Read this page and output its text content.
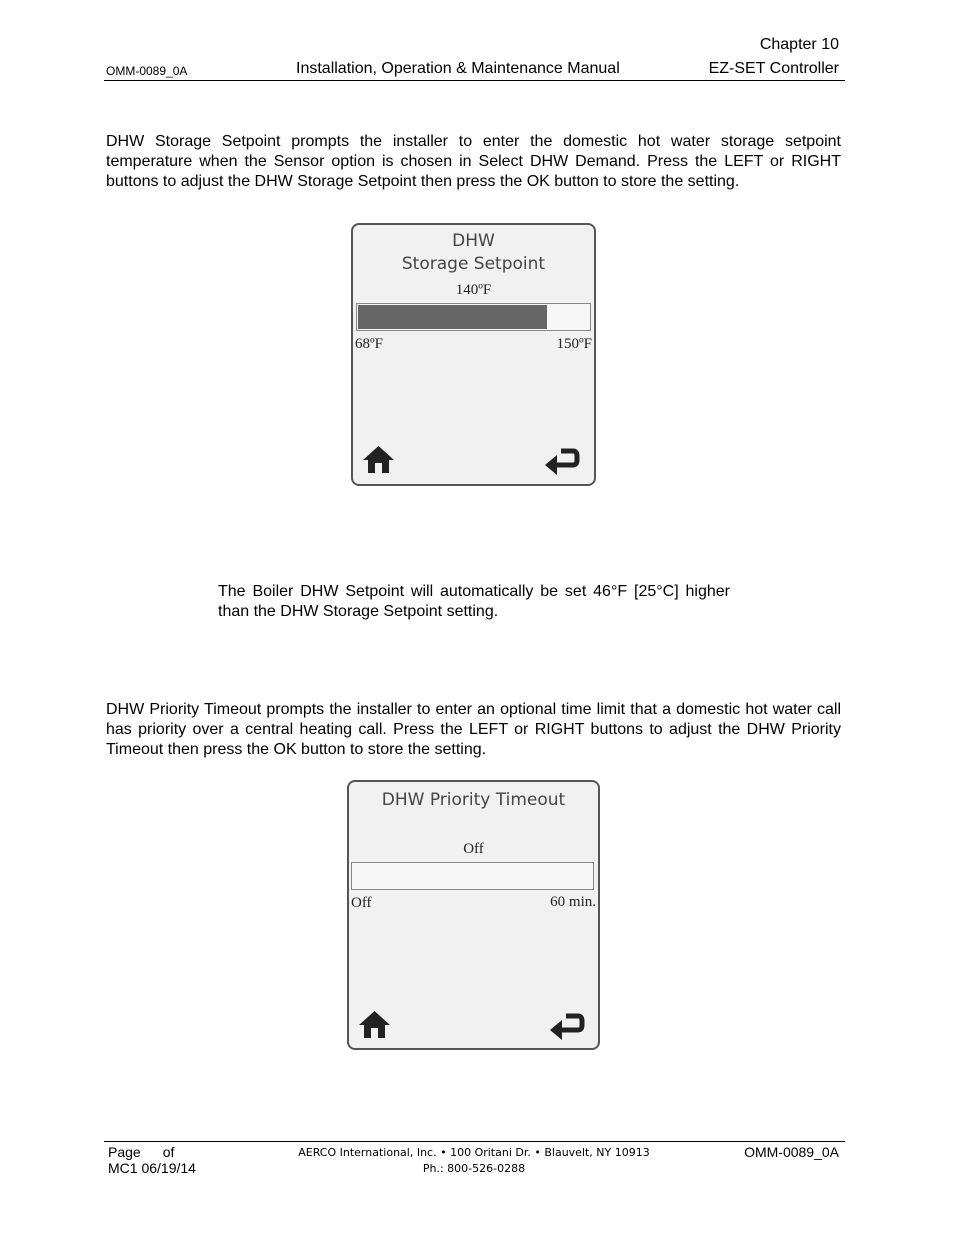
Chapter 10
OMM-0089_0A	Installation, Operation & Maintenance Manual	EZ-SET Controller
DHW Storage Setpoint prompts the installer to enter the domestic hot water storage setpoint temperature when the Sensor option is chosen in Select DHW Demand. Press the LEFT or RIGHT buttons to adjust the DHW Storage Setpoint then press the OK button to store the setting.
DHW
Storage Setpoint
140ºF
68ºF	150ºF
The Boiler DHW Setpoint will automatically be set 46°F [25°C] higher than the DHW Storage Setpoint setting.
DHW Priority Timeout prompts the installer to enter an optional time limit that a domestic hot water call has priority over a central heating call. Press the LEFT or RIGHT buttons to adjust the DHW Priority Timeout then press the OK button to store the setting.
DHW Priority Timeout
Off
Off	60 min.
Page of
MC1 06/19/14
AERCO International, Inc. • 100 Oritani Dr. • Blauvelt, NY 10913
Ph.: 800-526-0288
OMM-0089_0A
